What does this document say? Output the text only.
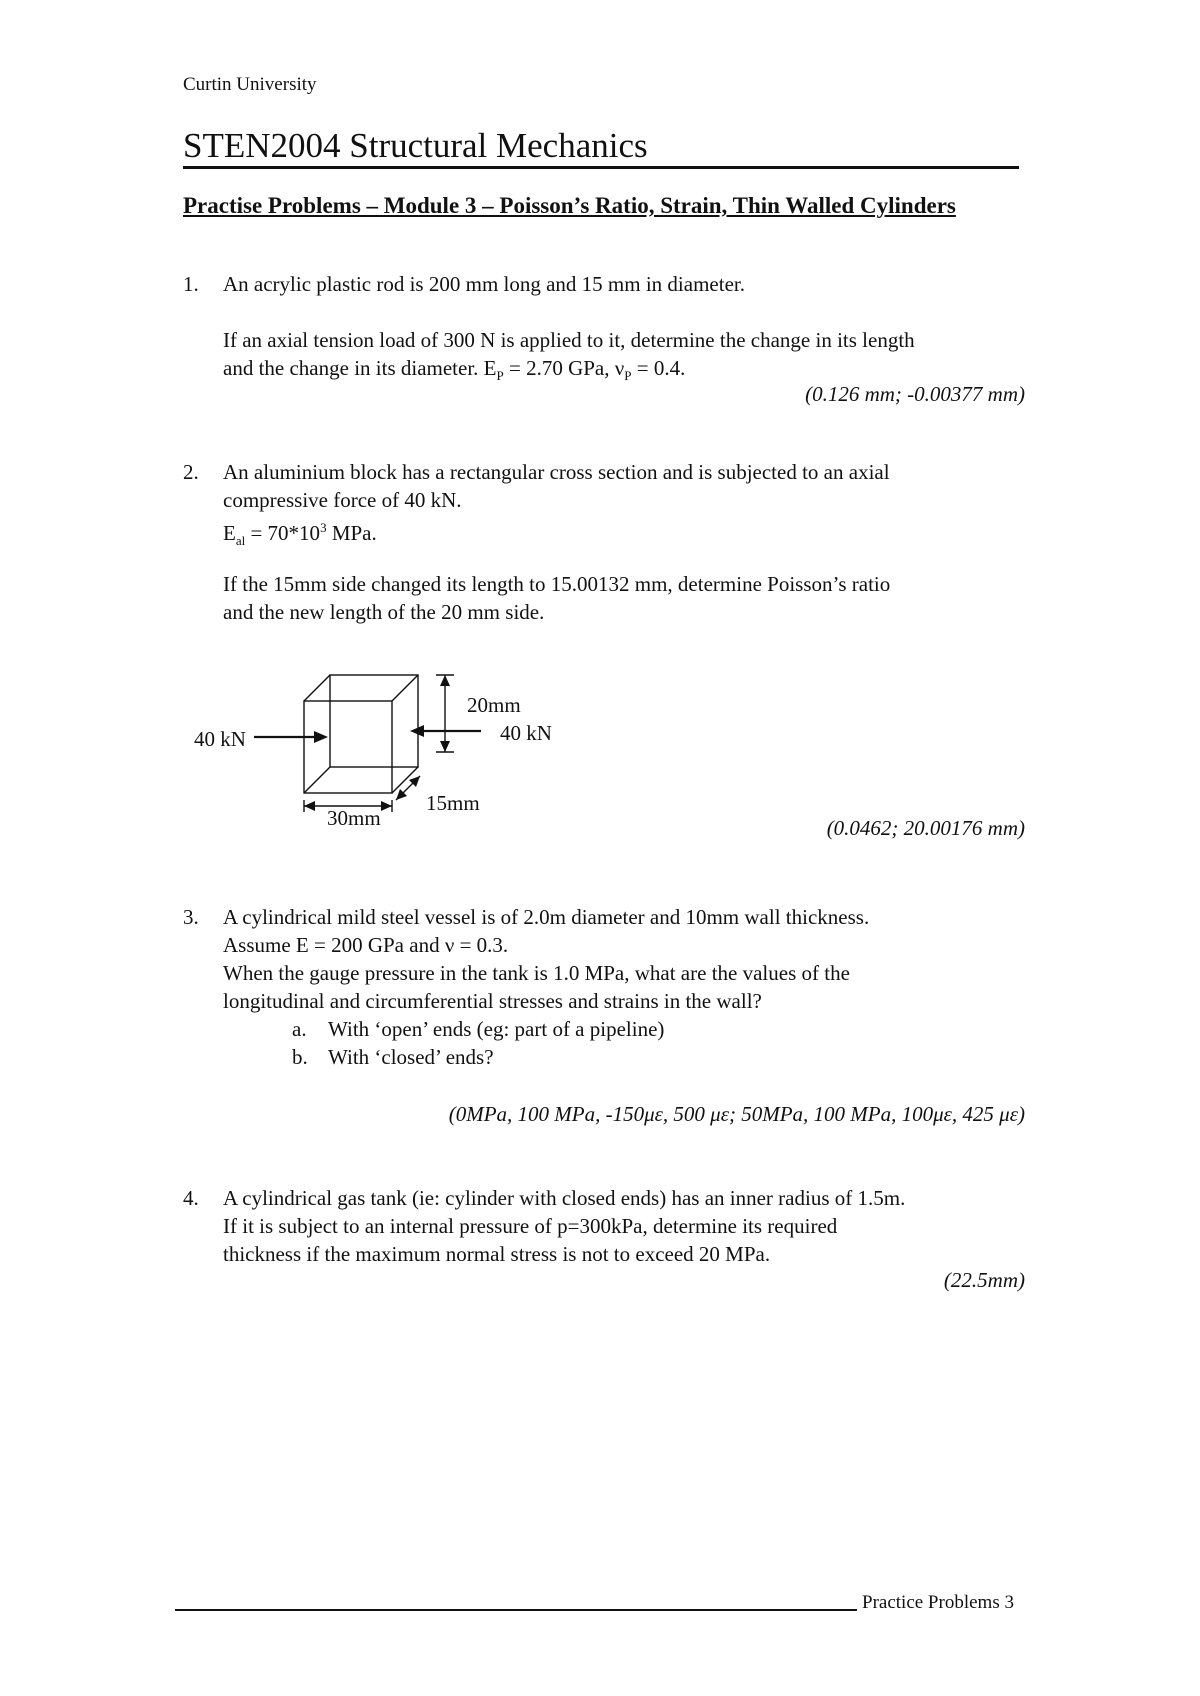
Curtin University
STEN2004 Structural Mechanics
Practise Problems – Module 3 – Poisson’s Ratio, Strain, Thin Walled Cylinders
1. An acrylic plastic rod is 200 mm long and 15 mm in diameter.
If an axial tension load of 300 N is applied to it, determine the change in its length
and the change in its diameter. $E_P = 2.70$ GPa, $\nu_P = 0.4$.
(0.126 mm; -0.00377 mm)
2. An aluminium block has a rectangular cross section and is subjected to an axial
compressive force of 40 kN.
$E_{al} = 70*10^3$ MPa.
If the 15mm side changed its length to 15.00132 mm, determine Poisson’s ratio
and the new length of the 20 mm side.
40 kN	40 kN
20mm
15mm
30mm	(0.0462; 20.00176 mm)
3. A cylindrical mild steel vessel is of 2.0m diameter and 10mm wall thickness.
Assume E = 200 GPa and ν = 0.3.
When the gauge pressure in the tank is 1.0 MPa, what are the values of the
longitudinal and circumferential stresses and strains in the wall?
a. With ‘open’ ends (eg: part of a pipeline)
b. With ‘closed’ ends?
(0MPa, 100 MPa, -150με, 500 με; 50MPa, 100 MPa, 100με, 425 με)
4. A cylindrical gas tank (ie: cylinder with closed ends) has an inner radius of 1.5m.
If it is subject to an internal pressure of p=300kPa, determine its required
thickness if the maximum normal stress is not to exceed 20 MPa.
(22.5mm)
Practice Problems 3
